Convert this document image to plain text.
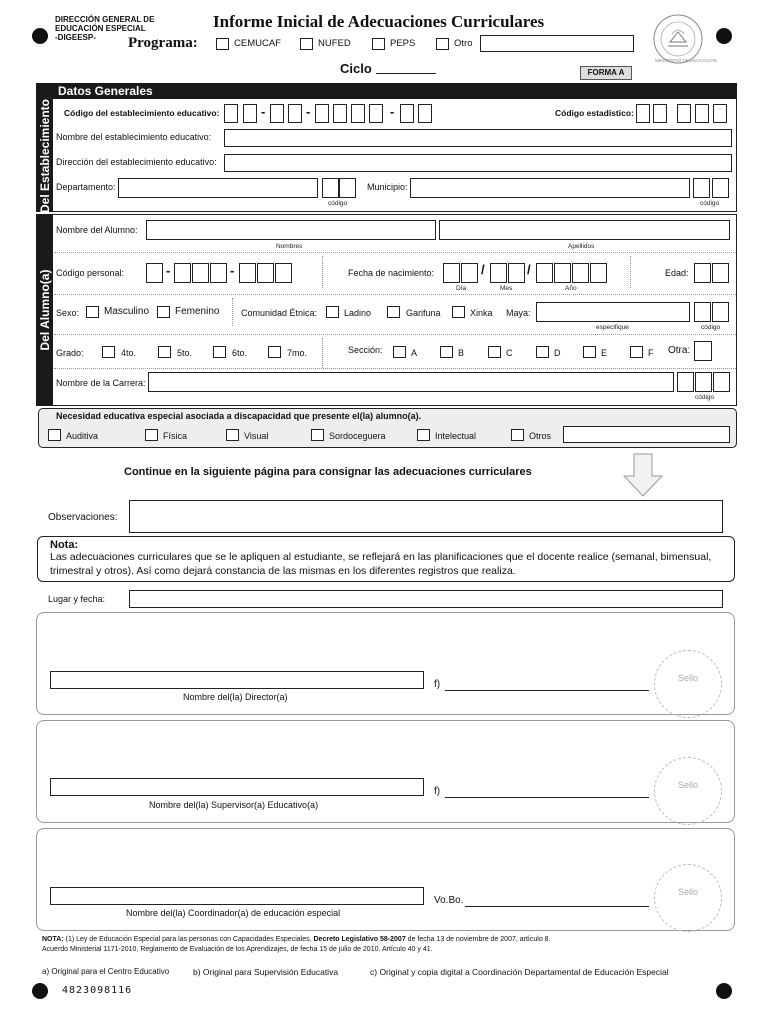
DIRECCIÓN GENERAL DE
EDUCACIÓN ESPECIAL
-DIGEESP-
Informe Inicial de Adecuaciones Curriculares
Programa:	CEMUCAF	NUFED	PEPS	Otro
Ciclo	FORMA A
MINISTERIO DE EDUCACIÓN
Datos Generales
Del Establecimiento Código del establecimiento educativo:	-	-	-	Código estadístico:
Nombre del establecimiento educativo:
Dirección del establecimiento educativo:
Departamento:
código
Municipio:
código
Del Alumno(a)
Nombre del Alumno:
Nombres	Apellidos
Código personal:	-	-	Fecha de nacimiento:	/	/
Día	Mes	Año
Edad:
Sexo: Masculino	Femenino Comunidad Étnica:	Ladino	Garifuna	Xinka Maya:
especifique	código
Grado:	4to.	5to.	6to.	7mo.	Sección:	A	B	C	D	E	F Otra:
Nombre de la Carrera:
código
Necesidad educativa especial asociada a discapacidad que presente el(la) alumno(a).
Auditiva	Física	Visual	Sordoceguera	Intelectual	Otros
Continue en la siguiente página para consignar las adecuaciones curriculares
Observaciones:
Nota:
Las adecuaciones curriculares que se le apliquen al estudiante, se reflejará en las planificaciones que el docente realice (semanal, bimensual, trimestral y otros). Así como dejará constancia de las mismas en los diferentes registros que realiza.
Lugar y fecha:
Nombre del(la) Director(a)
f)
Sello
Nombre del(la) Supervisor(a) Educativo(a)
f)
Sello
Nombre del(la) Coordinador(a) de educación especial
Vo.Bo.
Sello
NOTA: (1) Ley de Educación Especial para las personas con Capacidades Especiales, Decreto Legislativo 58-2007 de fecha 13 de noviembre de 2007, artículo 8.
Acuerdo Ministerial 1171-2010, Reglamento de Evaluación de los Aprendizajes, de fecha 15 de julio de 2010. Artículo 40 y 41.
a) Original para el Centro Educativo	b) Original para Supervisión Educativa	c) Original y copia digital a Coordinación Departamental de Educación Especial
4823098116
